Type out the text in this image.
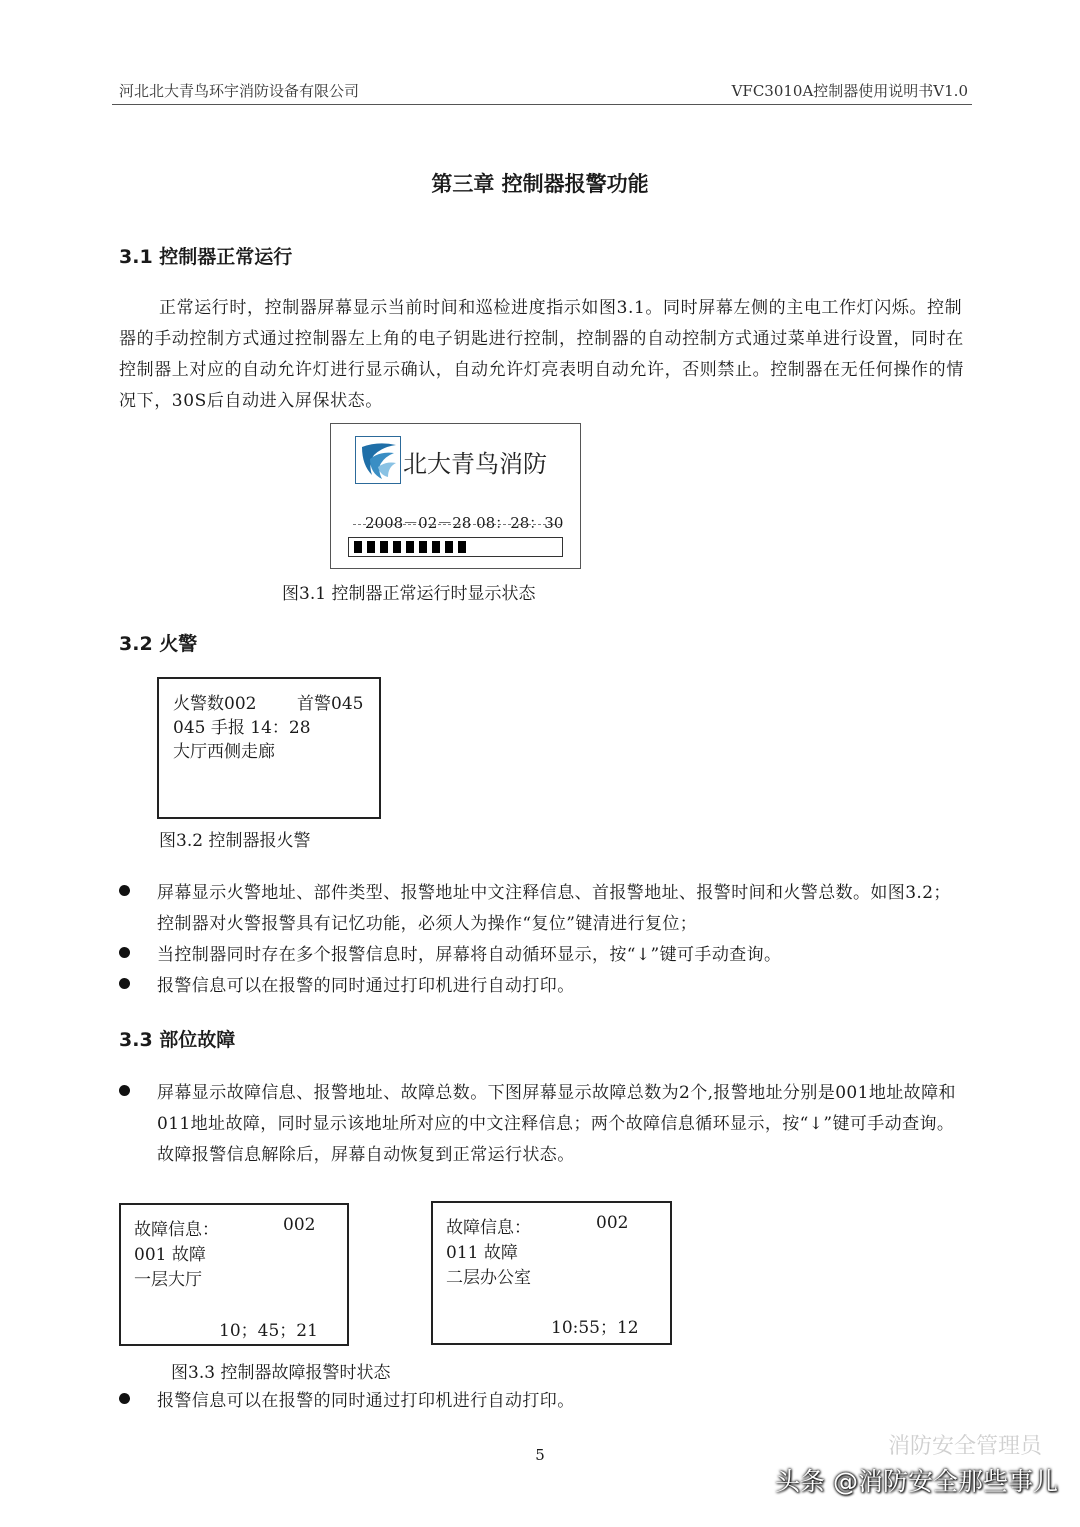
河北北大青鸟环宇消防设备有限公司	VFC3010A控制器使用说明书V1.0
第三章 控制器报警功能
3.1 控制器正常运行
正常运行时，控制器屏幕显示当前时间和巡检进度指示如图3.1。同时屏幕左侧的主电工作灯闪烁。控制器的手动控制方式通过控制器左上角的电子钥匙进行控制，控制器的自动控制方式通过菜单进行设置，同时在控制器上对应的自动允许灯进行显示确认，自动允许灯亮表明自动允许，否则禁止。控制器在无任何操作的情况下，30S后自动进入屏保状态。
北大青鸟消防
2008－02－28 08：28：30
图3.1 控制器正常运行时显示状态
3.2 火警
火警数002 首警045
045 手报 14：28
大厅西侧走廊
图3.2 控制器报火警
屏幕显示火警地址、部件类型、报警地址中文注释信息、首报警地址、报警时间和火警总数。如图3.2；控制器对火警报警具有记忆功能，必须人为操作“复位”键清进行复位；
当控制器同时存在多个报警信息时，屏幕将自动循环显示，按“↓”键可手动查询。
报警信息可以在报警的同时通过打印机进行自动打印。
3.3 部位故障
屏幕显示故障信息、报警地址、故障总数。下图屏幕显示故障总数为2个,报警地址分别是001地址故障和011地址故障，同时显示该地址所对应的中文注释信息；两个故障信息循环显示，按“↓”键可手动查询。故障报警信息解除后，屏幕自动恢复到正常运行状态。
故障信息：	002
001 故障
一层大厅
10；45；21
故障信息：	002
011 故障
二层办公室
10:55；12
图3.3 控制器故障报警时状态
报警信息可以在报警的同时通过打印机进行自动打印。
5	消防安全管理员
头条 @消防安全那些事儿
